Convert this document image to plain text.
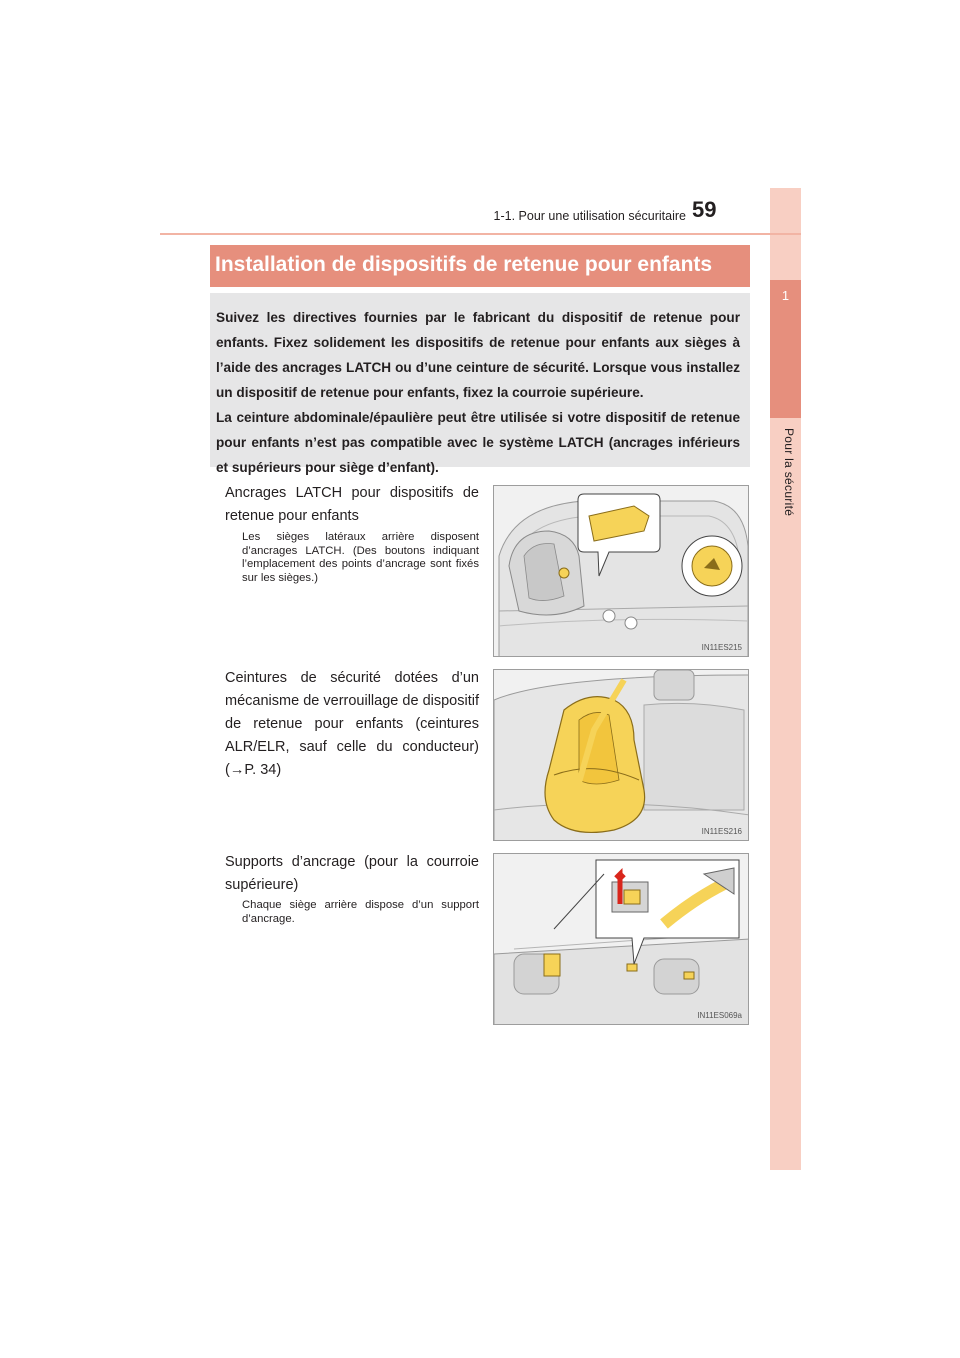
1
Pour la sécurité
1-1. Pour une utilisation sécuritaire 59
Installation de dispositifs de retenue pour enfants

Suivez les directives fournies par le fabricant du dispositif de retenue pour enfants. Fixez solidement les dispositifs de retenue pour enfants aux sièges à l’aide des ancrages LATCH ou d’une ceinture de sécurité. Lorsque vous installez un dispositif de retenue pour enfants, fixez la courroie supérieure.

La ceinture abdominale/épaulière peut être utilisée si votre dispositif de retenue pour enfants n’est pas compatible avec le système LATCH (ancrages inférieurs et supérieurs pour siège d’enfant).

Ancrages LATCH pour dispositifs de retenue pour enfants
Les sièges latéraux arrière disposent d’ancrages LATCH. (Des boutons indiquant l’emplacement des points d’ancrage sont fixés sur les sièges.)
IN11ES215
Ceintures de sécurité dotées d’un mécanisme de verrouillage de dispositif de retenue pour enfants (ceintures ALR/ELR, sauf celle du conducteur) (→P. 34)
IN11ES216
Supports d’ancrage (pour la courroie supérieure)
Chaque siège arrière dispose d’un support d’ancrage.
IN11ES069a
